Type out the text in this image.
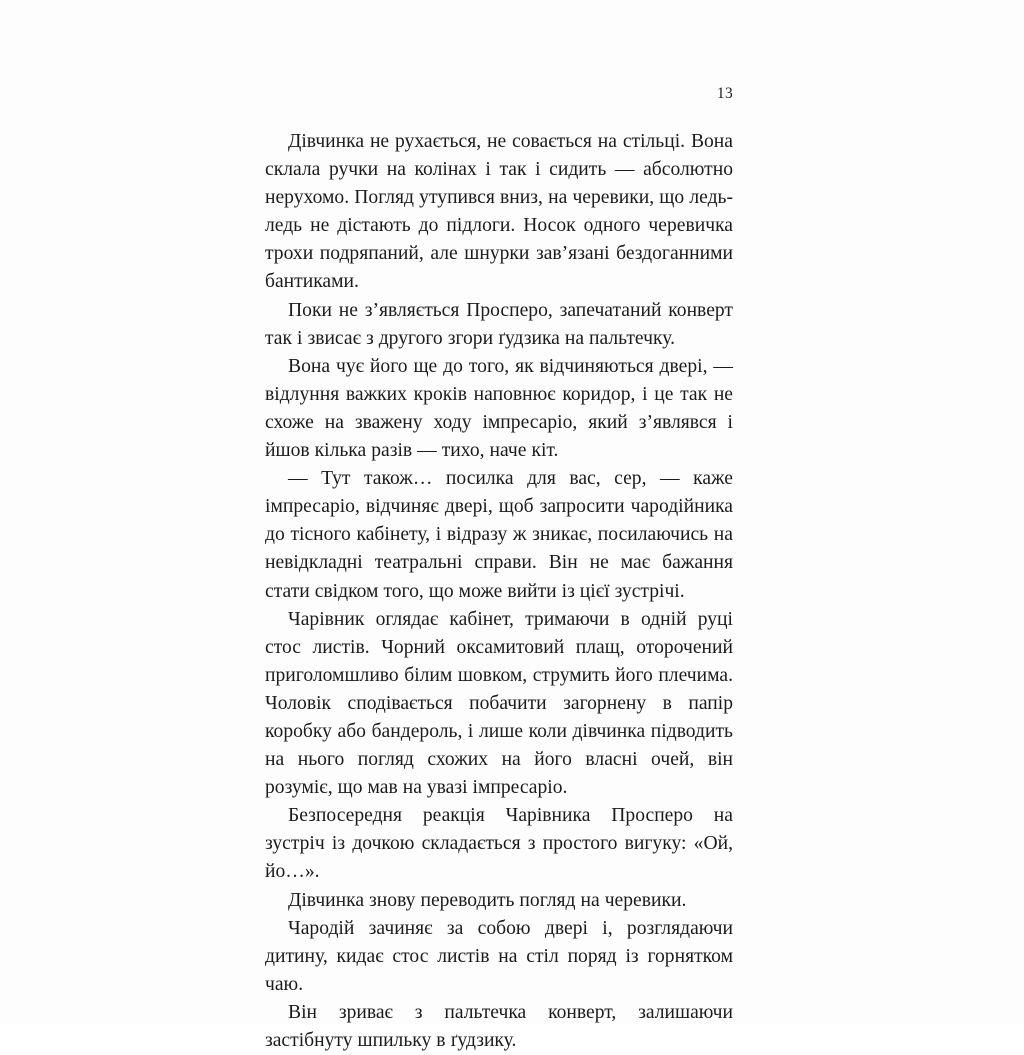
13

Дівчинка не рухається, не совається на стільці. Вона склала ручки на колінах і так і сидить — абсолютно нерухомо. Погляд утупився вниз, на черевики, що ледь-ледь не дістають до підлоги. Носок одного черевичка трохи подряпаний, але шнурки зав’язані бездоганними бантиками.

Поки не з’являється Просперо, запечатаний конверт так і звисає з другого згори ґудзика на пальтечку.

Вона чує його ще до того, як відчиняються двері, — відлуння важких кроків наповнює коридор, і це так не схоже на зважену ходу імпресаріо, який з’являвся і йшов кілька разів — тихо, наче кіт.

— Тут також… посилка для вас, сер, — каже імпресаріо, відчиняє двері, щоб запросити чародійника до тісного кабінету, і відразу ж зникає, посилаючись на невідкладні театральні справи. Він не має бажання стати свідком того, що може вийти із цієї зустрічі.

Чарівник оглядає кабінет, тримаючи в одній руці стос листів. Чорний оксамитовий плащ, оторочений приголомшливо білим шовком, струмить його плечима. Чоловік сподівається побачити загорнену в папір коробку або бандероль, і лише коли дівчинка підводить на нього погляд схожих на його власні очей, він розуміє, що мав на увазі імпресаріо.

Безпосередня реакція Чарівника Просперо на зустріч із дочкою складається з простого вигуку: «Ой, йо…».

Дівчинка знову переводить погляд на черевики.

Чародій зачиняє за собою двері і, розглядаючи дитину, кидає стос листів на стіл поряд із горнятком чаю.

Він зриває з пальтечка конверт, залишаючи застібнуту шпильку в ґудзику.
